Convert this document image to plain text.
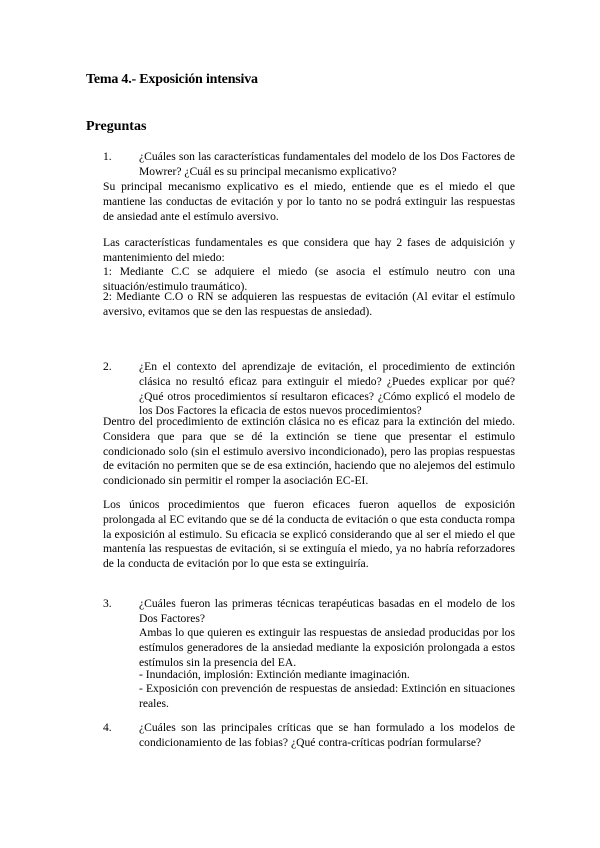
Tema 4.- Exposición intensiva
Preguntas
1. ¿Cuáles son las características fundamentales del modelo de los Dos Factores de Mowrer? ¿Cuál es su principal mecanismo explicativo?
Su principal mecanismo explicativo es el miedo, entiende que es el miedo el que mantiene las conductas de evitación y por lo tanto no se podrá extinguir las respuestas de ansiedad ante el estímulo aversivo.
Las características fundamentales es que considera que hay 2 fases de adquisición y mantenimiento del miedo:
1: Mediante C.C se adquiere el miedo (se asocia el estímulo neutro con una situación/estimulo traumático).
2: Mediante C.O o RN se adquieren las respuestas de evitación (Al evitar el estímulo aversivo, evitamos que se den las respuestas de ansiedad).
2. ¿En el contexto del aprendizaje de evitación, el procedimiento de extinción clásica no resultó eficaz para extinguir el miedo? ¿Puedes explicar por qué? ¿Qué otros procedimientos sí resultaron eficaces? ¿Cómo explicó el modelo de los Dos Factores la eficacia de estos nuevos procedimientos?
Dentro del procedimiento de extinción clásica no es eficaz para la extinción del miedo. Considera que para que se dé la extinción se tiene que presentar el estimulo condicionado solo (sin el estimulo aversivo incondicionado), pero las propias respuestas de evitación no permiten que se de esa extinción, haciendo que no alejemos del estimulo condicionado sin permitir el romper la asociación EC-EI.
Los únicos procedimientos que fueron eficaces fueron aquellos de exposición prolongada al EC evitando que se dé la conducta de evitación o que esta conducta rompa la exposición al estimulo. Su eficacia se explicó considerando que al ser el miedo el que mantenía las respuestas de evitación, si se extinguía el miedo, ya no habría reforzadores de la conducta de evitación por lo que esta se extinguiría.
3. ¿Cuáles fueron las primeras técnicas terapéuticas basadas en el modelo de los Dos Factores?
Ambas lo que quieren es extinguir las respuestas de ansiedad producidas por los estímulos generadores de la ansiedad mediante la exposición prolongada a estos estímulos sin la presencia del EA.
- Inundación, implosión: Extinción mediante imaginación.
- Exposición con prevención de respuestas de ansiedad: Extinción en situaciones reales.
4. ¿Cuáles son las principales críticas que se han formulado a los modelos de condicionamiento de las fobias? ¿Qué contra-críticas podrían formularse?
